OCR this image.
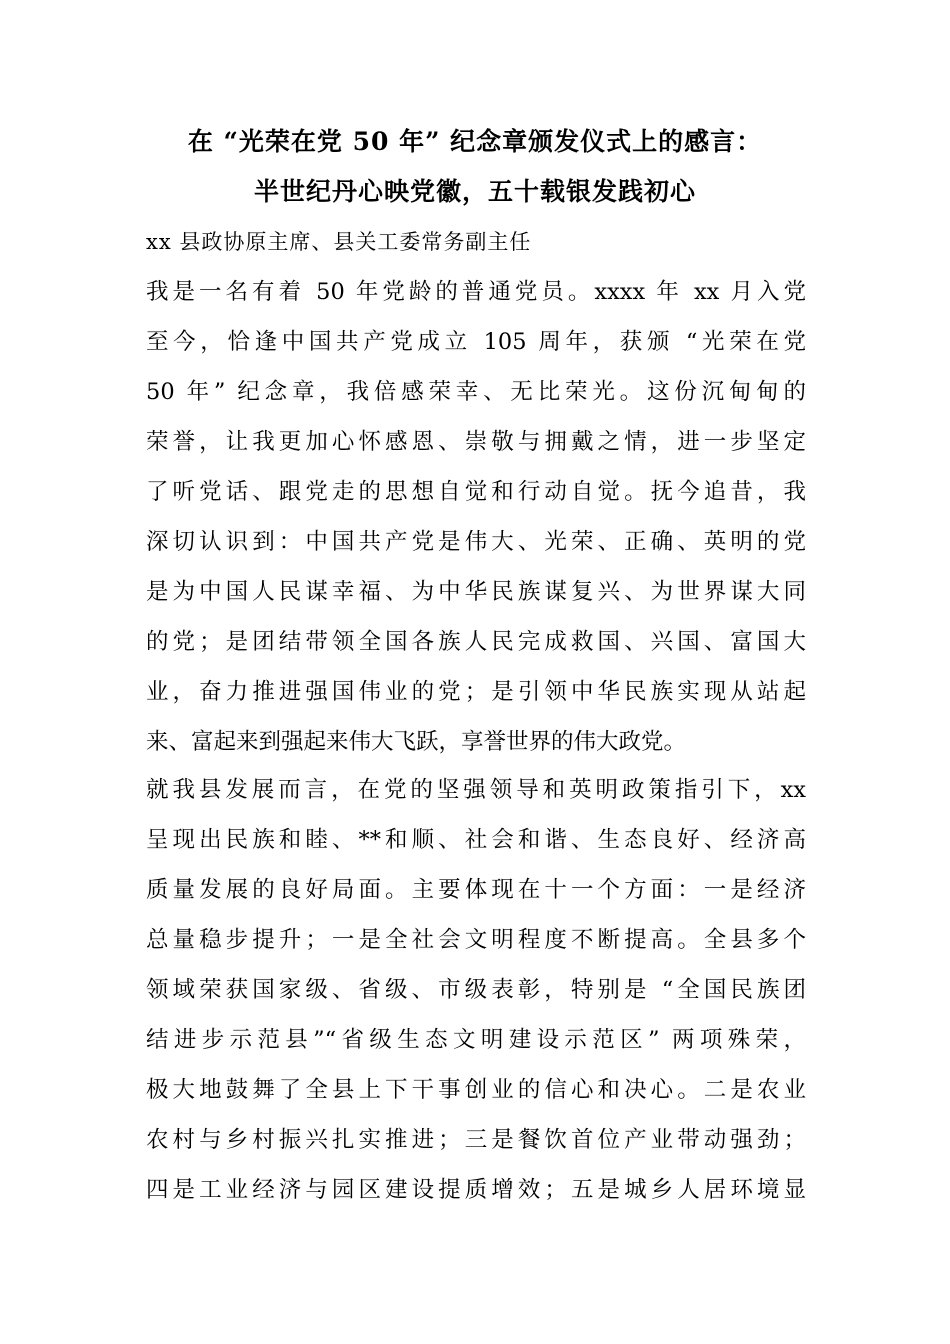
在 “光荣在党 50 年” 纪念章颁发仪式上的感言：
半世纪丹心映党徽，五十载银发践初心
xx 县政协原主席、县关工委常务副主任
我是一名有着 50 年党龄的普通党员。xxxx 年 xx 月入党
至今，恰逢中国共产党成立 105 周年，获颁 “光荣在党
50 年” 纪念章，我倍感荣幸、无比荣光。这份沉甸甸的
荣誉，让我更加心怀感恩、崇敬与拥戴之情，进一步坚定
了听党话、跟党走的思想自觉和行动自觉。抚今追昔，我
深切认识到：中国共产党是伟大、光荣、正确、英明的党
是为中国人民谋幸福、为中华民族谋复兴、为世界谋大同
的党；是团结带领全国各族人民完成救国、兴国、富国大
业，奋力推进强国伟业的党；是引领中华民族实现从站起
来、富起来到强起来伟大飞跃，享誉世界的伟大政党。
就我县发展而言，在党的坚强领导和英明政策指引下，xx
呈现出民族和睦、**和顺、社会和谐、生态良好、经济高
质量发展的良好局面。主要体现在十一个方面：一是经济
总量稳步提升；一是全社会文明程度不断提高。全县多个
领域荣获国家级、省级、市级表彰，特别是 “全国民族团
结进步示范县”“省级生态文明建设示范区” 两项殊荣，
极大地鼓舞了全县上下干事创业的信心和决心。二是农业
农村与乡村振兴扎实推进；三是餐饮首位产业带动强劲；
四是工业经济与园区建设提质增效；五是城乡人居环境显
